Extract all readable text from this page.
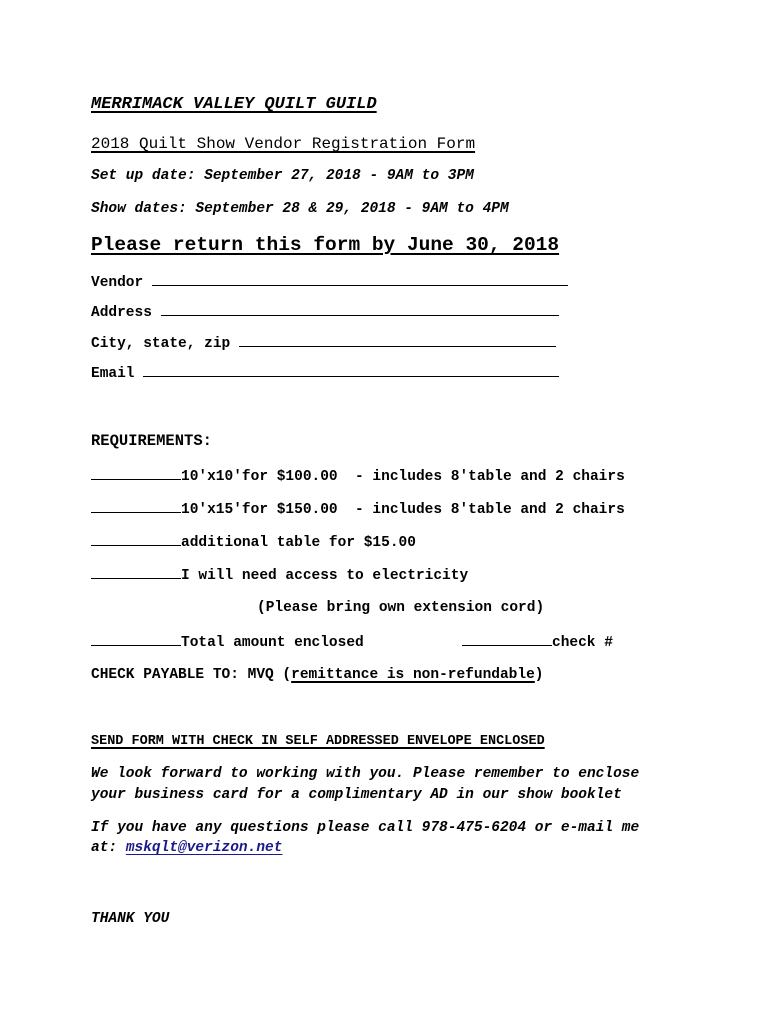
MERRIMACK VALLEY QUILT GUILD
2018 Quilt Show Vendor Registration Form
Set up date: September 27, 2018 - 9AM to 3PM
Show dates: September 28 & 29, 2018 - 9AM to 4PM
Please return this form by June 30, 2018
Vendor
Address
City, state, zip
Email
REQUIREMENTS:
10'x10'for $100.00  - includes 8'table and 2 chairs
10'x15'for $150.00  - includes 8'table and 2 chairs
additional table for $15.00
I will need access to electricity
(Please bring own extension cord)
Total amount enclosed	check #
CHECK PAYABLE TO: MVQ (remittance is non-refundable)
SEND FORM WITH CHECK IN SELF ADDRESSED ENVELOPE ENCLOSED
We look forward to working with you. Please remember to enclose
your business card for a complimentary AD in our show booklet
If you have any questions please call 978-475-6204 or e-mail me
at: mskqlt@verizon.net
THANK YOU
